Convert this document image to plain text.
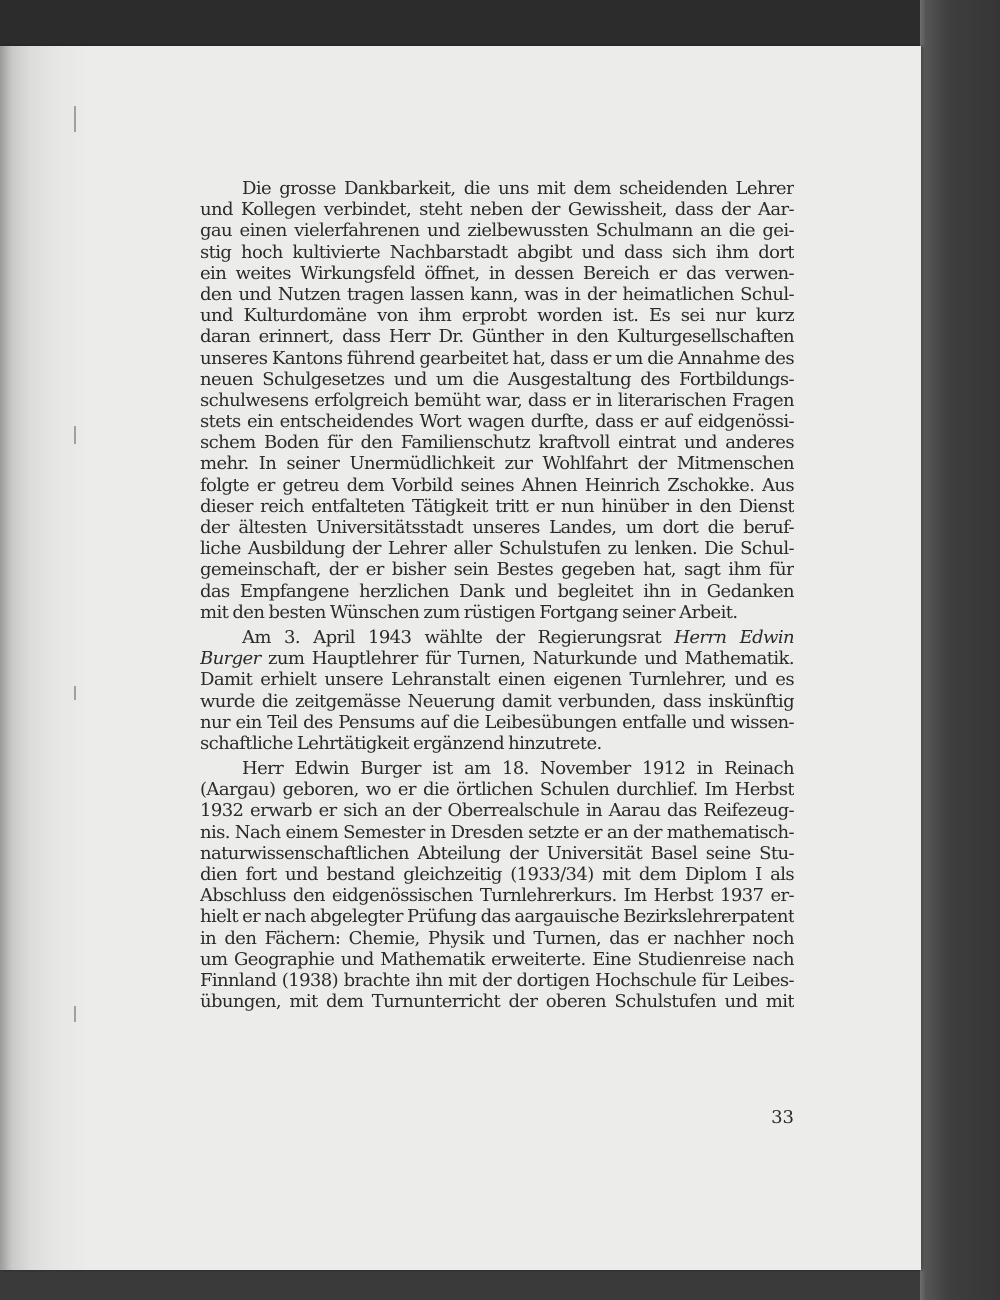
Die grosse Dankbarkeit, die uns mit dem scheidenden Lehrer
und Kollegen verbindet, steht neben der Gewissheit, dass der Aar-
gau einen vielerfahrenen und zielbewussten Schulmann an die gei-
stig hoch kultivierte Nachbarstadt abgibt und dass sich ihm dort
ein weites Wirkungsfeld öffnet, in dessen Bereich er das verwen-
den und Nutzen tragen lassen kann, was in der heimatlichen Schul-
und Kulturdomäne von ihm erprobt worden ist. Es sei nur kurz
daran erinnert, dass Herr Dr. Günther in den Kulturgesellschaften
unseres Kantons führend gearbeitet hat, dass er um die Annahme des
neuen Schulgesetzes und um die Ausgestaltung des Fortbildungs-
schulwesens erfolgreich bemüht war, dass er in literarischen Fragen
stets ein entscheidendes Wort wagen durfte, dass er auf eidgenössi-
schem Boden für den Familienschutz kraftvoll eintrat und anderes
mehr. In seiner Unermüdlichkeit zur Wohlfahrt der Mitmenschen
folgte er getreu dem Vorbild seines Ahnen Heinrich Zschokke. Aus
dieser reich entfalteten Tätigkeit tritt er nun hinüber in den Dienst
der ältesten Universitätsstadt unseres Landes, um dort die beruf-
liche Ausbildung der Lehrer aller Schulstufen zu lenken. Die Schul-
gemeinschaft, der er bisher sein Bestes gegeben hat, sagt ihm für
das Empfangene herzlichen Dank und begleitet ihn in Gedanken
mit den besten Wünschen zum rüstigen Fortgang seiner Arbeit.
Am 3. April 1943 wählte der Regierungsrat Herrn Edwin
Burger zum Hauptlehrer für Turnen, Naturkunde und Mathematik.
Damit erhielt unsere Lehranstalt einen eigenen Turnlehrer, und es
wurde die zeitgemässe Neuerung damit verbunden, dass inskünftig
nur ein Teil des Pensums auf die Leibesübungen entfalle und wissen-
schaftliche Lehrtätigkeit ergänzend hinzutrete.
Herr Edwin Burger ist am 18. November 1912 in Reinach
(Aargau) geboren, wo er die örtlichen Schulen durchlief. Im Herbst
1932 erwarb er sich an der Oberrealschule in Aarau das Reifezeug-
nis. Nach einem Semester in Dresden setzte er an der mathematisch-
naturwissenschaftlichen Abteilung der Universität Basel seine Stu-
dien fort und bestand gleichzeitig (1933/34) mit dem Diplom I als
Abschluss den eidgenössischen Turnlehrerkurs. Im Herbst 1937 er-
hielt er nach abgelegter Prüfung das aargauische Bezirkslehrerpatent
in den Fächern: Chemie, Physik und Turnen, das er nachher noch
um Geographie und Mathematik erweiterte. Eine Studienreise nach
Finnland (1938) brachte ihn mit der dortigen Hochschule für Leibes-
übungen, mit dem Turnunterricht der oberen Schulstufen und mit
33
